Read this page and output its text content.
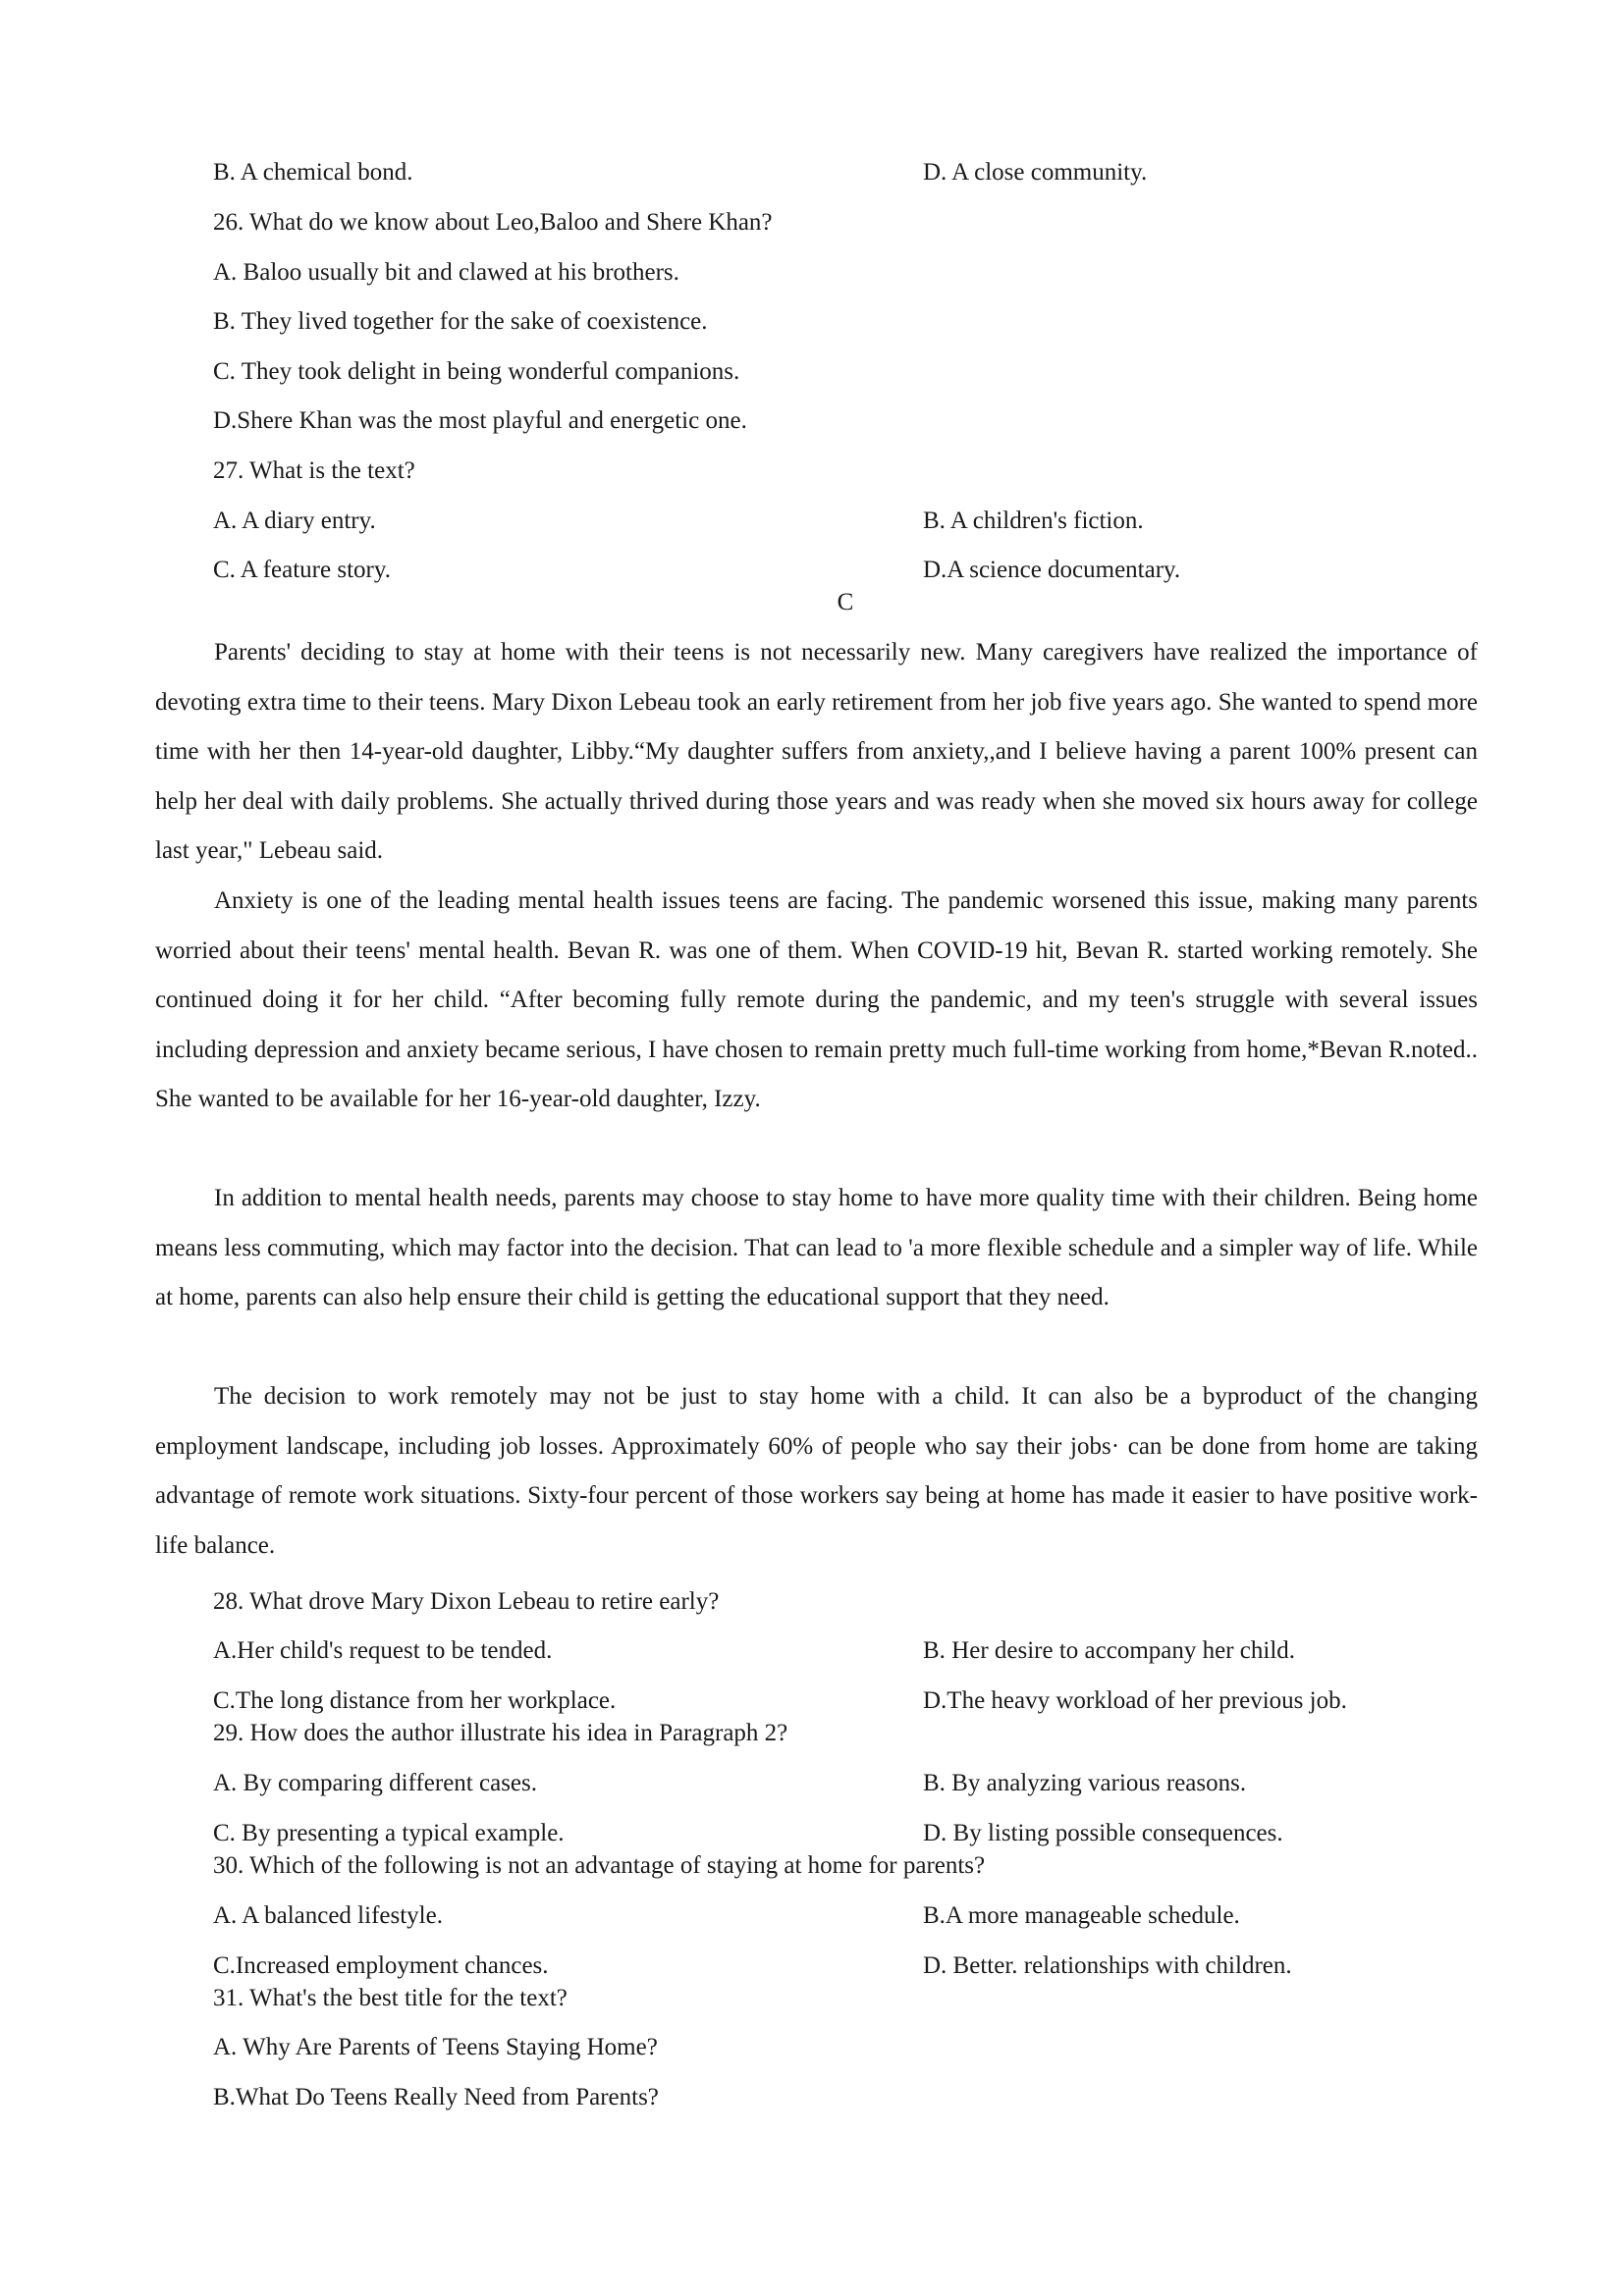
B. A chemical bond.	D. A close community.
26. What do we know about Leo,Baloo and Shere Khan?
A. Baloo usually bit and clawed at his brothers.
B. They lived together for the sake of coexistence.
C. They took delight in being wonderful companions.
D.Shere Khan was the most playful and energetic one.
27. What is the text?
A. A diary entry.	B. A children's fiction.
C. A feature story.	D.A science documentary.
C

Parents' deciding to stay at home with their teens is not necessarily new. Many caregivers have realized the importance of devoting extra time to their teens. Mary Dixon Lebeau took an early retirement from her job five years ago. She wanted to spend more time with her then 14-year-old daughter, Libby.“My daughter suffers from anxiety,,and I believe having a parent 100% present can help her deal with daily problems. She actually thrived during those years and was ready when she moved six hours away for college last year," Lebeau said.

Anxiety is one of the leading mental health issues teens are facing. The pandemic worsened this issue, making many parents worried about their teens' mental health. Bevan R. was one of them. When COVID-19 hit, Bevan R. started working remotely. She continued doing it for her child. “After becoming fully remote during the pandemic, and my teen's struggle with several issues including depression and anxiety became serious, I have chosen to remain pretty much full-time working from home,*Bevan R.noted.. She wanted to be available for her 16-year-old daughter, Izzy.

In addition to mental health needs, parents may choose to stay home to have more quality time with their children. Being home means less commuting, which may factor into the decision. That can lead to 'a more flexible schedule and a simpler way of life. While at home, parents can also help ensure their child is getting the educational support that they need.

The decision to work remotely may not be just to stay home with a child. It can also be a byproduct of the changing employment landscape, including job losses. Approximately 60% of people who say their jobs· can be done from home are taking advantage of remote work situations. Sixty-four percent of those workers say being at home has made it easier to have positive work-life balance.

28. What drove Mary Dixon Lebeau to retire early?
A.Her child's request to be tended.	B. Her desire to accompany her child.
C.The long distance from her workplace.	D.The heavy workload of her previous job.
29. How does the author illustrate his idea in Paragraph 2?
A. By comparing different cases.	B. By analyzing various reasons.
C. By presenting a typical example.	D. By listing possible consequences.
30. Which of the following is not an advantage of staying at home for parents?
A. A balanced lifestyle.	B.A more manageable schedule.
C.Increased employment chances.	D. Better. relationships with children.
31. What's the best title for the text?
A. Why Are Parents of Teens Staying Home?
B.What Do Teens Really Need from Parents?
